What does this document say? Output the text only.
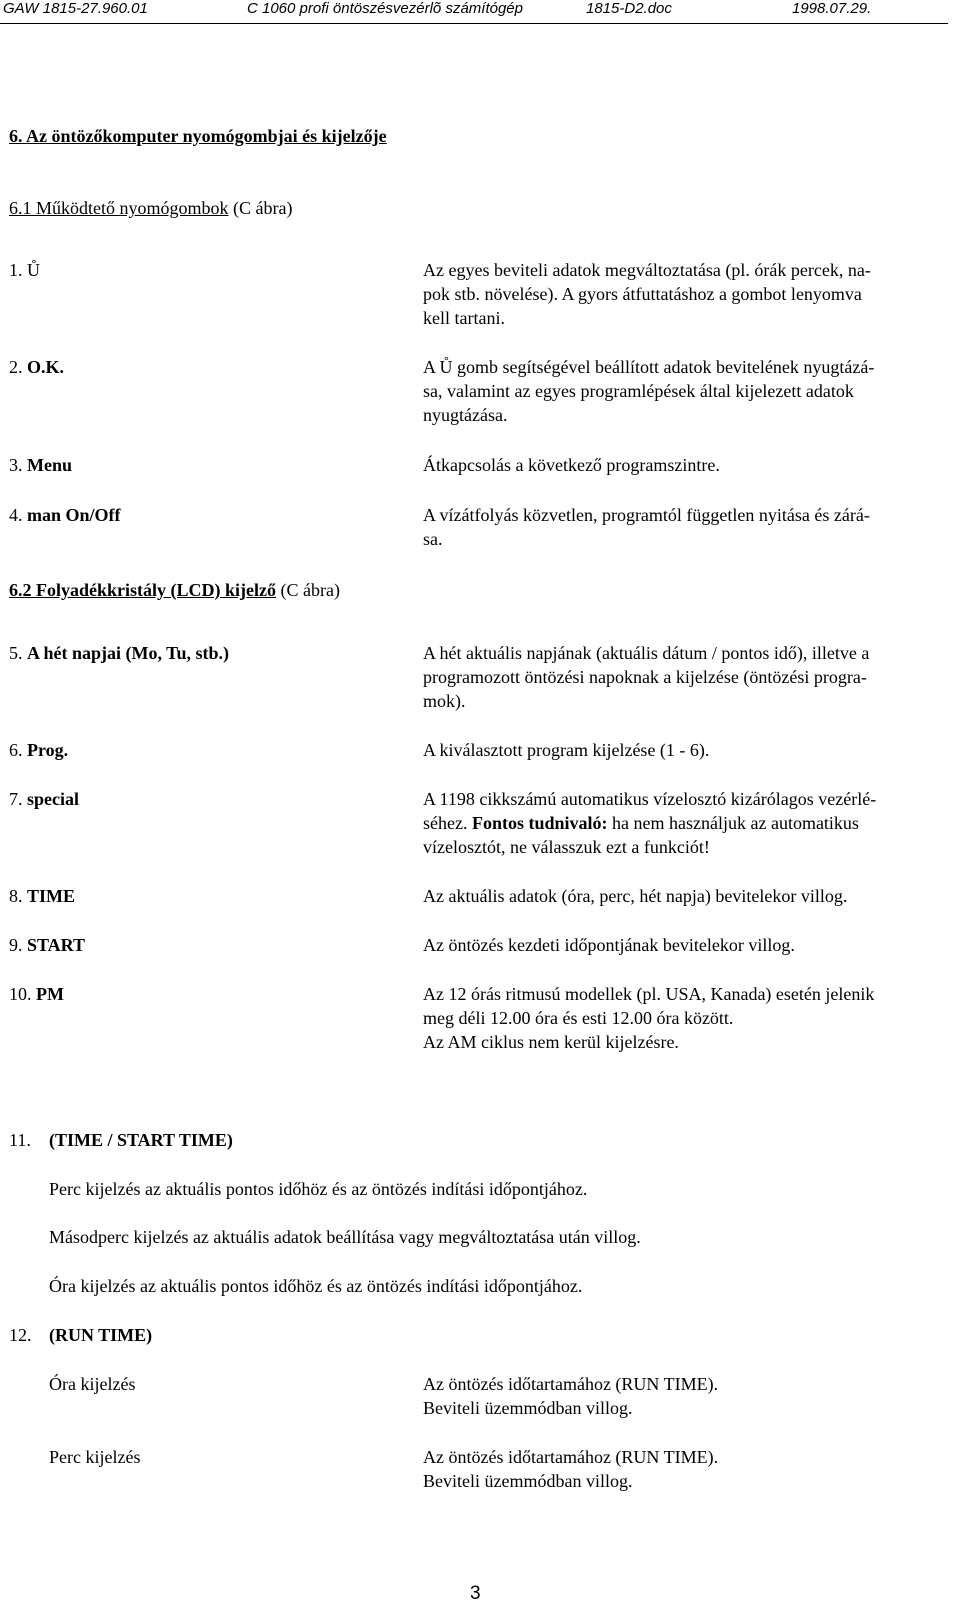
GAW 1815-27.960.01	C 1060 profi öntöszésvezérlõ számítógép	1815-D2.doc	1998.07.29.
6. Az öntözőkomputer nyomógombjai és kijelzője
6.1 Működtető nyomógombok (C ábra)
1. Ů	Az egyes beviteli adatok megváltoztatása (pl. órák percek, na-
pok stb. növelése). A gyors átfuttatáshoz a gombot lenyomva
kell tartani.
2. O.K.	A Ů gomb segítségével beállított adatok bevitelének nyugtázá-
sa, valamint az egyes programlépések által kijelezett adatok
nyugtázása.
3. Menu	Átkapcsolás a következő programszintre.
4. man On/Off	A vízátfolyás közvetlen, programtól független nyitása és zárá-
sa.
6.2 Folyadékkristály (LCD) kijelző (C ábra)
5. A hét napjai (Mo, Tu, stb.)	A hét aktuális napjának (aktuális dátum / pontos idő), illetve a
programozott öntözési napoknak a kijelzése (öntözési progra-
mok).
6. Prog.	A kiválasztott program kijelzése (1 - 6).
7. special	A 1198 cikkszámú automatikus vízelosztó kizárólagos vezérlé-
séhez. Fontos tudnivaló: ha nem használjuk az automatikus
vízelosztót, ne válasszuk ezt a funkciót!
8. TIME	Az aktuális adatok (óra, perc, hét napja) bevitelekor villog.
9. START	Az öntözés kezdeti időpontjának bevitelekor villog.
10. PM	Az 12 órás ritmusú modellek (pl. USA, Kanada) esetén jelenik
meg déli 12.00 óra és esti 12.00 óra között.
Az AM ciklus nem kerül kijelzésre.
11. (TIME / START TIME)
Perc kijelzés az aktuális pontos időhöz és az öntözés indítási időpontjához.
Másodperc kijelzés az aktuális adatok beállítása vagy megváltoztatása után villog.
Óra kijelzés az aktuális pontos időhöz és az öntözés indítási időpontjához.
12. (RUN TIME)
Óra kijelzés	Az öntözés időtartamához (RUN TIME).
Beviteli üzemmódban villog.
Perc kijelzés	Az öntözés időtartamához (RUN TIME).
Beviteli üzemmódban villog.
3
